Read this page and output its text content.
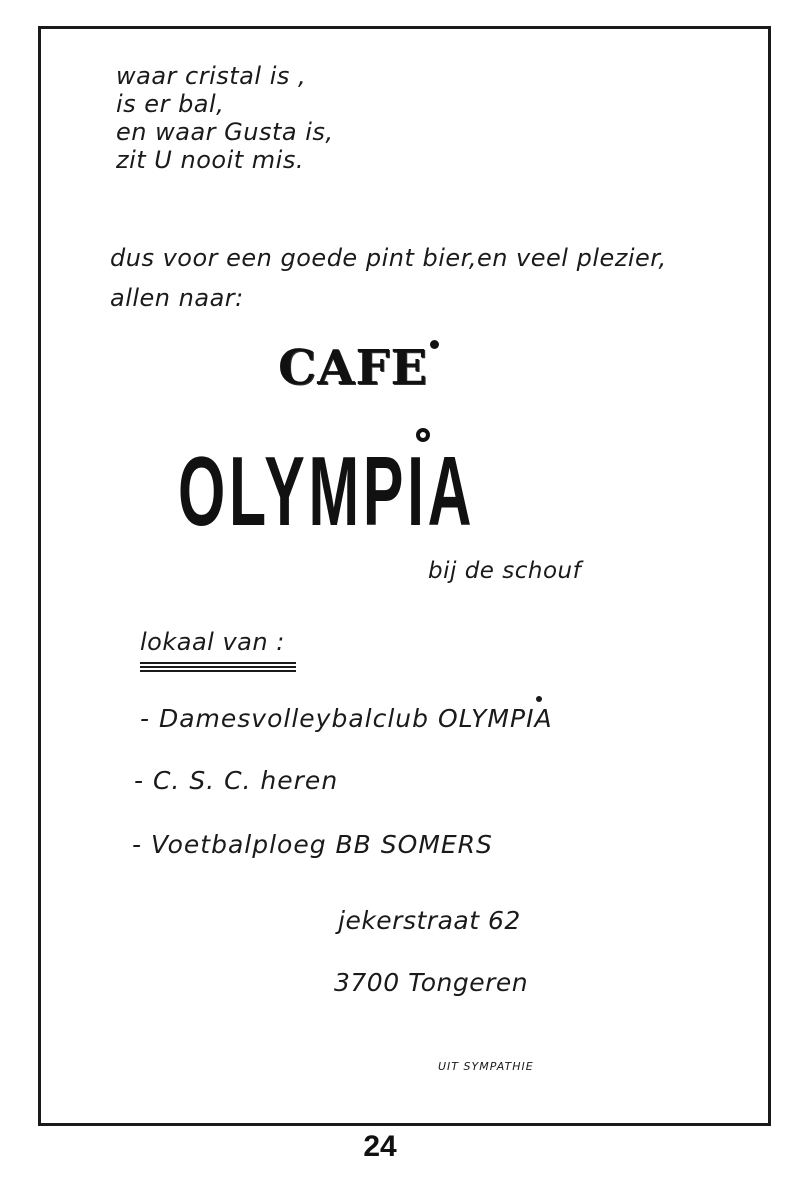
waar cristal is ,
is er bal,
en waar Gusta is,
zit U nooit mis.
dus voor een goede pint bier,en veel plezier,
allen naar:
CAFE
OLYMPIA
bij de schouf
lokaal van :
- Damesvolleybalclub OLYMPIA
- C. S. C. heren
- Voetbalploeg BB SOMERS
jekerstraat 62
3700 Tongeren
UIT SYMPATHIE
24
